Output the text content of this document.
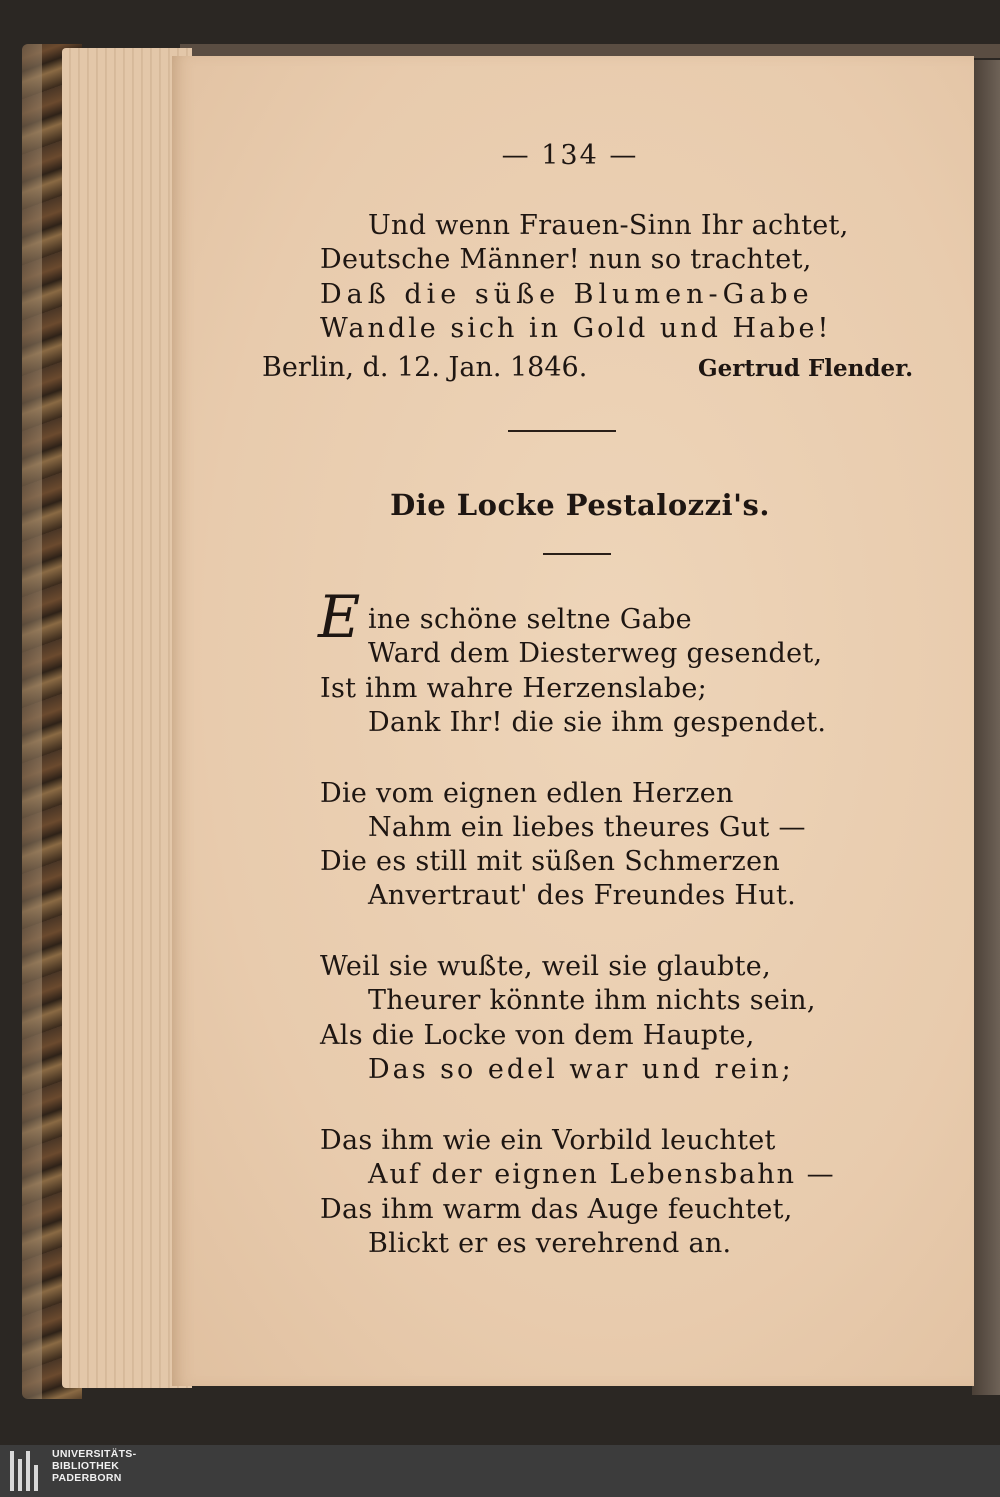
— 134 —
Und wenn Frauen-Sinn Ihr achtet,
Deutsche Männer! nun so trachtet,
Daß die süße Blumen-Gabe
Wandle sich in Gold und Habe!
Berlin, d. 12. Jan. 1846.	Gertrud Flender.
Die Locke Pestalozzi's.
E ine schöne seltne Gabe
Ward dem Diesterweg gesendet,
Ist ihm wahre Herzenslabe;
Dank Ihr! die sie ihm gespendet.
Die vom eignen edlen Herzen
Nahm ein liebes theures Gut —
Die es still mit süßen Schmerzen
Anvertraut' des Freundes Hut.
Weil sie wußte, weil sie glaubte,
Theurer könnte ihm nichts sein,
Als die Locke von dem Haupte,
Das so edel war und rein;
Das ihm wie ein Vorbild leuchtet
Auf der eignen Lebensbahn —
Das ihm warm das Auge feuchtet,
Blickt er es verehrend an.
UNIVERSITÄTS-
BIBLIOTHEK
PADERBORN
